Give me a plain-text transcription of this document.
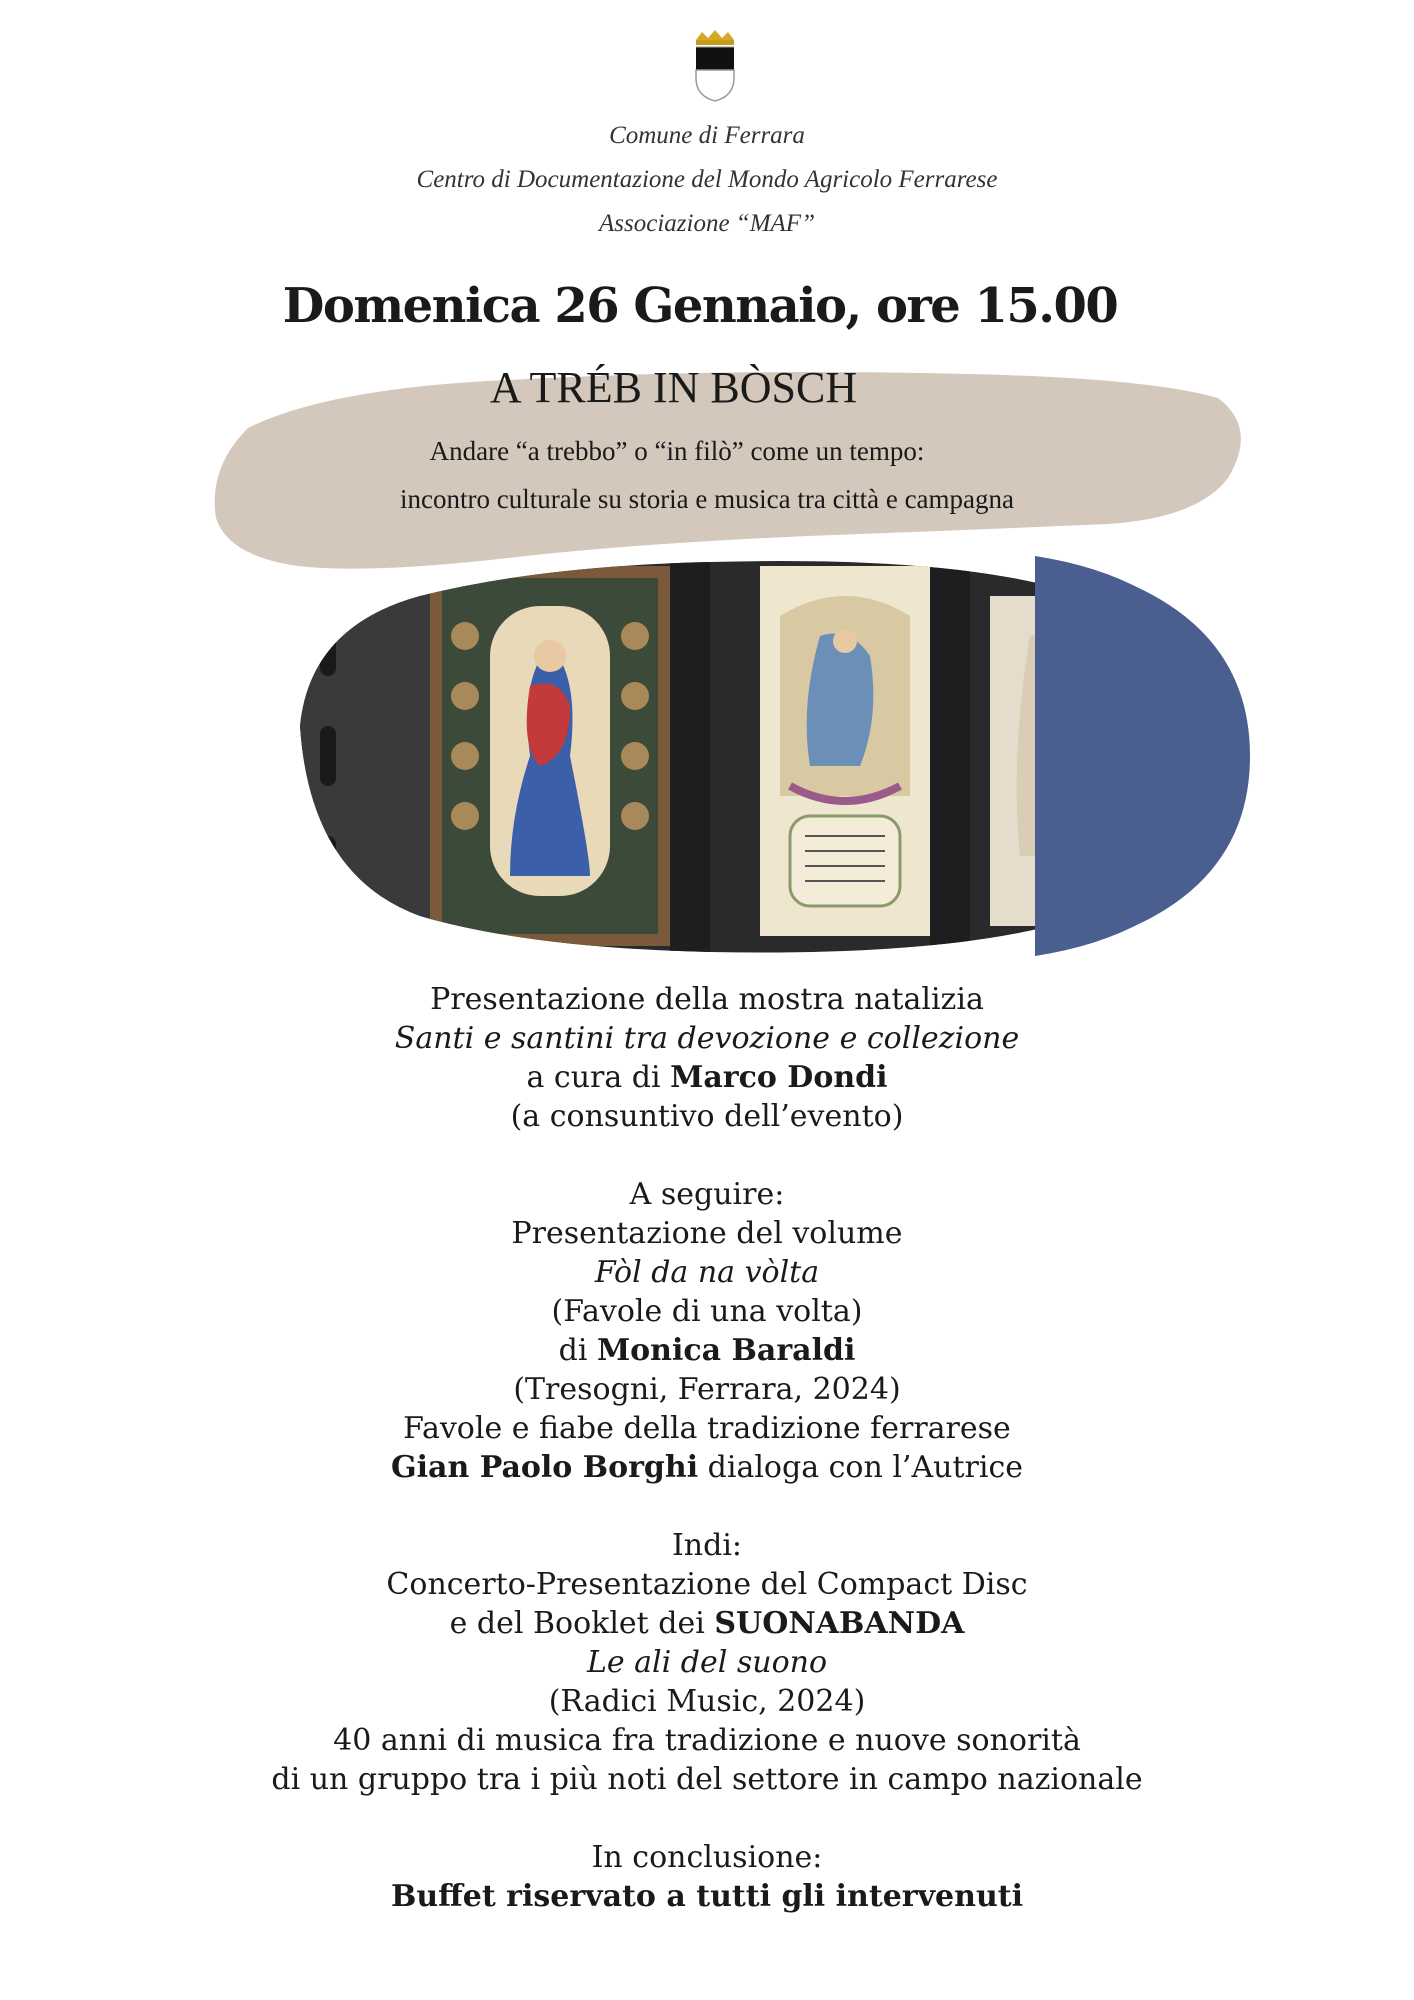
Comune di Ferrara
Centro di Documentazione del Mondo Agricolo Ferrarese
Associazione “MAF”
Domenica 26 Gennaio, ore 15.00
A TRÉB IN BÒSCH
Andare “a trebbo” o “in filò” come un tempo:
incontro culturale su storia e musica tra città e campagna
Presentazione della mostra natalizia
Santi e santini tra devozione e collezione
a cura di Marco Dondi
(a consuntivo dell’evento)
A seguire:
Presentazione del volume
Fòl da na vòlta
(Favole di una volta)
di Monica Baraldi
(Tresogni, Ferrara, 2024)
Favole e fiabe della tradizione ferrarese
Gian Paolo Borghi dialoga con l’Autrice
Indi:
Concerto-Presentazione del Compact Disc
e del Booklet dei SUONABANDA
Le ali del suono
(Radici Music, 2024)
40 anni di musica fra tradizione e nuove sonorità
di un gruppo tra i più noti del settore in campo nazionale
In conclusione:
Buffet riservato a tutti gli intervenuti
